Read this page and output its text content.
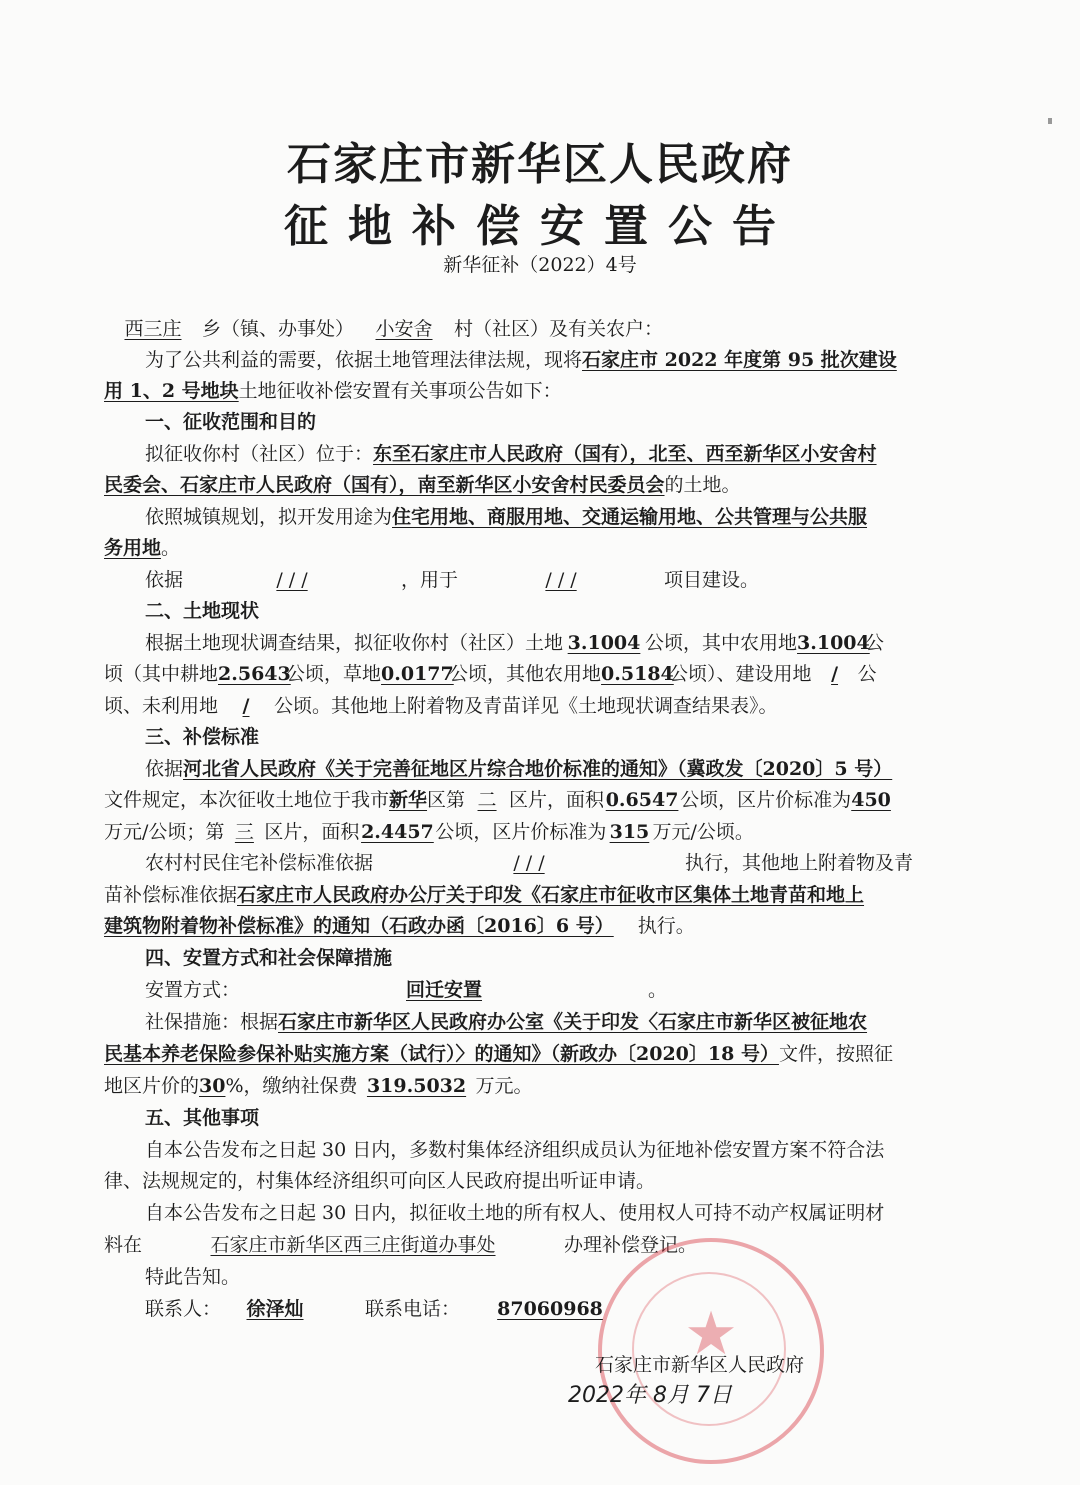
石家庄市新华区人民政府
征地补偿安置公告
新华征补（2022）4号
西三庄 乡（镇、办事处） 小安舍 村（社区）及有关农户：
为了公共利益的需要，依据土地管理法律法规，现将石家庄市 2022 年度第 95 批次建设
用 1、2 号地块土地征收补偿安置有关事项公告如下：
一、征收范围和目的
拟征收你村（社区）位于：东至石家庄市人民政府（国有），北至、西至新华区小安舍村
民委会、石家庄市人民政府（国有），南至新华区小安舍村民委员会的土地。
依照城镇规划，拟开发用途为住宅用地、商服用地、交通运输用地、公共管理与公共服
务用地。
依据	/ / /	，用于	/ / /	项目建设。
二、土地现状
根据土地现状调查结果，拟征收你村（社区）土地 3.1004 公顷，其中农用地3.1004公
顷（其中耕地2.5643公顷，草地0.0177公顷，其他农用地0.5184公顷）、建设用地 / 公
顷、未利用地 / 公顷。其他地上附着物及青苗详见《土地现状调查结果表》。
三、补偿标准
依据河北省人民政府《关于完善征地区片综合地价标准的通知》（冀政发〔2020〕5 号）
文件规定，本次征收土地位于我市新华区第 二 区片，面积0.6547公顷，区片价标准为450
万元/公顷；第 三 区片，面积2.4457公顷，区片价标准为 315 万元/公顷。
农村村民住宅补偿标准依据	/ / /	执行，其他地上附着物及青
苗补偿标准依据石家庄市人民政府办公厅关于印发《石家庄市征收市区集体土地青苗和地上
建筑物附着物补偿标准》的通知（石政办函〔2016〕6 号） 执行。
四、安置方式和社会保障措施
安置方式：	回迁安置	。
社保措施：根据石家庄市新华区人民政府办公室《关于印发〈石家庄市新华区被征地农
民基本养老保险参保补贴实施方案（试行）〉的通知》（新政办〔2020〕18 号）文件，按照征
地区片价的30%，缴纳社保费 319.5032 万元。
五、其他事项
自本公告发布之日起 30 日内，多数村集体经济组织成员认为征地补偿安置方案不符合法
律、法规规定的，村集体经济组织可向区人民政府提出听证申请。
自本公告发布之日起 30 日内，拟征收土地的所有权人、使用权人可持不动产权属证明材
料在	石家庄市新华区西三庄街道办事处	办理补偿登记。
特此告知。
联系人： 徐泽灿	联系电话： 87060968	★
石家庄市新华区人民政府
2022年 8月 7日
